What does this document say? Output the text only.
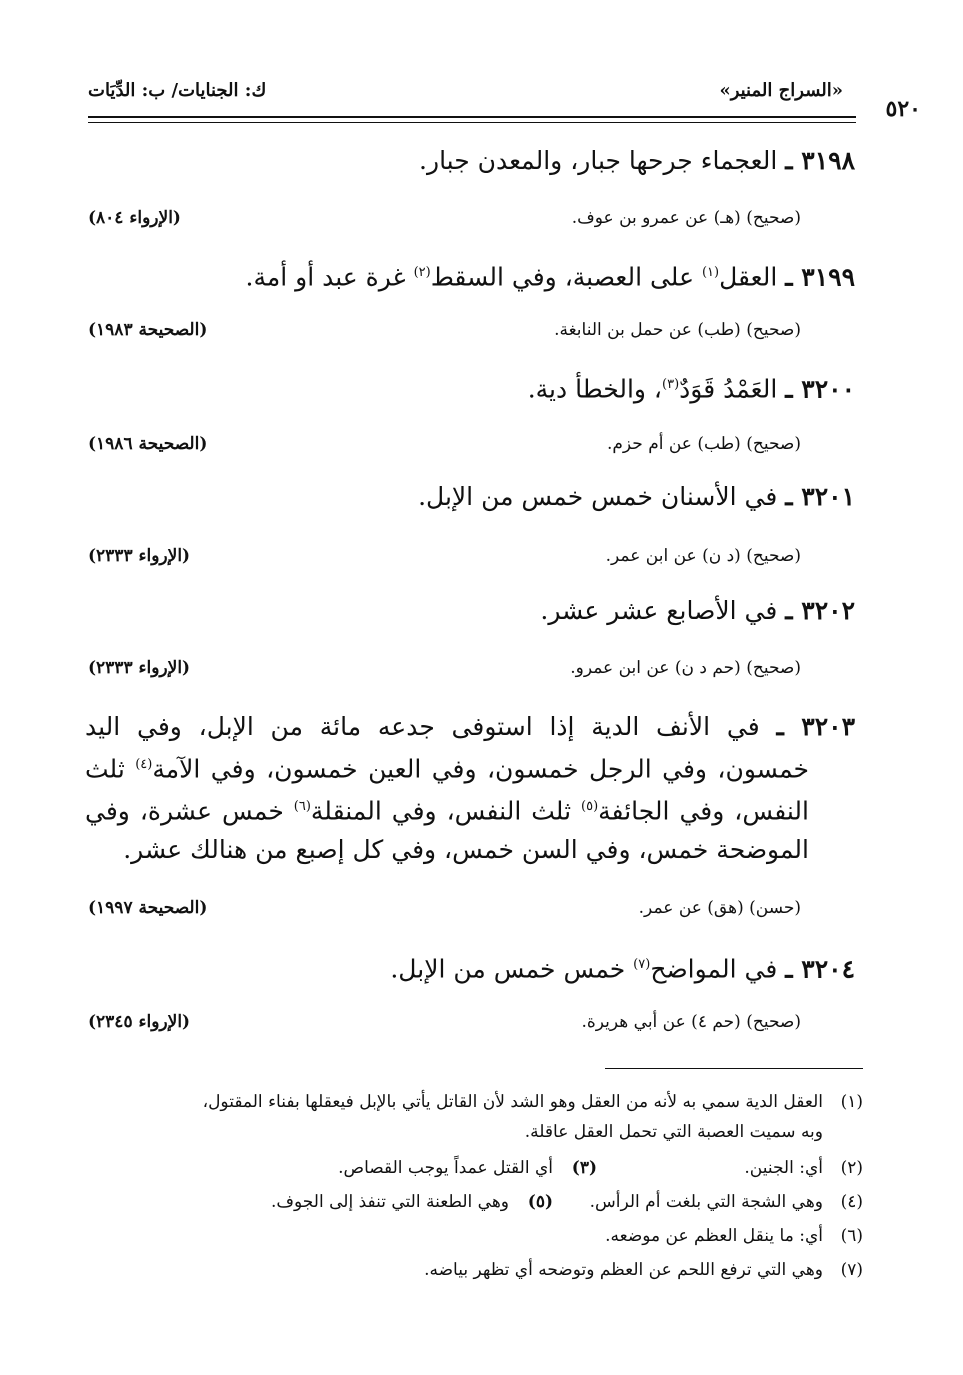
٥٢٠
«السراج المنير»
ك: الجنايات/ ب: الدِّيَات
٣١٩٨ ـ العجماء جرحها جبار، والمعدن جبار.
(صحيح) (هـ) عن عمرو بن عوف.
(الإرواء ٨٠٤)
٣١٩٩ ـ العقل$^{(١)}$ على العصبة، وفي السقط$^{(٢)}$ غرة عبد أو أمة.
(صحيح) (طب) عن حمل بن النابغة.
(الصحيحة ١٩٨٣)
٣٢٠٠ ـ العَمْدُ قَوَدٌ$^{(٣)}$، والخطأ دية.
(صحيح) (طب) عن أم حزم.
(الصحيحة ١٩٨٦)
٣٢٠١ ـ في الأسنان خمس خمس من الإبل.
(صحيح) (د ن) عن ابن عمر.
(الإرواء ٢٣٣٣)
٣٢٠٢ ـ في الأصابع عشر عشر.
(صحيح) (حم د ن) عن ابن عمرو.
(الإرواء ٢٣٣٣)
٣٢٠٣ ـ في الأنف الدية إذا استوفى جدعه مائة من الإبل، وفي اليد
خمسون، وفي الرجل خمسون، وفي العين خمسون، وفي الآمة$^{(٤)}$ ثلث
النفس، وفي الجائفة$^{(٥)}$ ثلث النفس، وفي المنقلة$^{(٦)}$ خمس عشرة، وفي
الموضحة خمس، وفي السن خمس، وفي كل إصبع من هنالك عشر.
(حسن) (هق) عن عمر.
(الصحيحة ١٩٩٧)
٣٢٠٤ ـ في المواضح$^{(٧)}$ خمس خمس من الإبل.
(صحيح) (حم ٤) عن أبي هريرة.
(الإرواء ٢٣٤٥)
(١)العقل الدية سمي به لأنه من العقل وهو الشد لأن القاتل يأتي بالإبل فيعقلها بفناء المقتول،
وبه سميت العصبة التي تحمل العقل عاقلة.
(٢)أي: الجنين.(٣)أي القتل عمداً يوجب القصاص.
(٤)وهي الشجة التي بلغت أم الرأس.(٥)وهي الطعنة التي تنفذ إلى الجوف.
(٦)أي: ما ينقل العظم عن موضعه.
(٧)وهي التي ترفع اللحم عن العظم وتوضحه أي تظهر بياضه.
